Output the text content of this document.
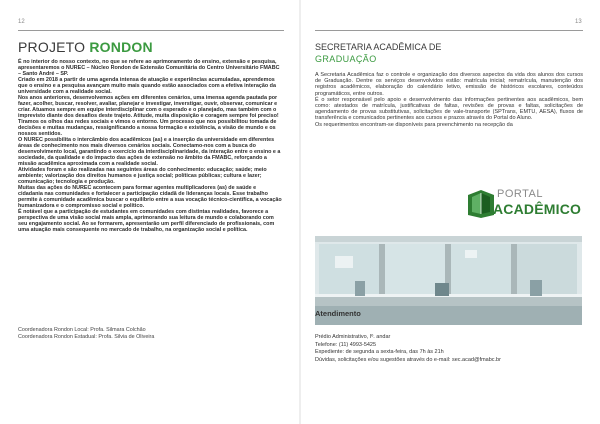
12
PROJETO RONDON

É no interior do nosso contexto, no que se refere ao aprimoramento do ensino, extensão e pesquisa, apresentaremos o NUREC – Núcleo Rondon de Extensão Comunitária do Centro Universitário FMABC – Santo André – SP.

Criado em 2018 a partir de uma agenda intensa de atuação e experiências acumuladas, aprendemos que o ensino e a pesquisa avançam muito mais quando estão associados com a efetiva interação da universidade com a realidade social.

Nos anos anteriores, desenvolvemos ações em diferentes cenários, uma imensa agenda pautada por fazer, acolher, buscar, resolver, avaliar, planejar e investigar, inverstigar, ouvir, observar, comunicar e criar. Atuamos sempre em equipe interdisciplinar com o esperado e o planejado, mas também com o imprevisto diante dos desafios deste trajeto. Atitude, muita disposição e coragem sempre foi preciso!

Tiramos os olhos das redes sociais e vimos o entorno. Um processo que nos possibilitou tomada de decisões e muitas mudanças, ressignificando a nossa formação e existência, a visão de mundo e os nossos sentidos.

O NUREC possibilita o intercâmbio dos acadêmicos (as) e a inserção da universidade em diferentes áreas de conhecimento nos mais diversos cenários sociais. Conectamo-nos com a busca do desenvolvimento local, garantindo o exercício da interdisciplinaridade, da interação entre o ensino e a sociedade, da qualidade e do impacto das ações de extensão no âmbito da FMABC, reforçando a missão acadêmica aproximada com a realidade social.

Atividades foram e são realizadas nas seguintes áreas do conhecimento: educação; saúde; meio ambiente; valorização dos direitos humanos e justiça social; políticas públicas; cultura e lazer; comunicação; tecnologia e produção.

Muitas das ações do NUREC acontecem para formar agentes multiplicadores (as) de saúde e cidadania nas comunidades e fortalecer a participação cidadã de lideranças locais. Esse trabalho permite à comunidade acadêmica buscar o equilíbrio entre a sua vocação técnico-científica, a vocação humanizadora e o compromisso social e político.

É notável que a participação de estudantes em comunidades com distintas realidades, favorece a perspectiva de uma visão social mais ampla, aprimorando sua leitura de mundo e colaborando com seu engajamento social. Ao se formarem, apresentarão um perfil diferenciado de profissionais, com uma atuação mais consequente no mercado de trabalho, na organização social e política.

Coordenadora Rondon Local: Profa. Silmara Colchão

Coordenadora Rondon Estadual: Profa. Silvia de Oliveira

13
SECRETARIA ACADÊMICA DE
GRADUAÇÃO

A Secretaria Acadêmica faz o controle e organização dos diversos aspectos da vida dos alunos dos cursos de Graduação. Dentre os serviços desenvolvidos estão: matrícula inicial; rematrícula, manutenção dos registros acadêmicos, elaboração do calendário letivo, emissão de históricos escolares, conteúdos programáticos, entre outros.

É o setor responsável pelo apoio e desenvolvimento das informações pertinentes aos acadêmicos, bem como: atestados de matrícula, justificativas de faltas, revisões de provas e faltas, solicitações de agendamento de provas substitutivas, solicitações de vale-transporte (SPTrans, EMTU, AESA), fluxos de transferência e comunicados pertinentes aos cursos e prazos através do Portal do Aluno.

Os requerimentos encontram-se disponíveis para preenchimento na recepção da

PORTAL
ACADÊMICO
Atendimento

Prédio Administrativo, Iº. andar

Telefone: (11) 4993-5425

Expediente: de segunda a sexta-feira, das 7h às 21h

Dúvidas, solicitações e/ou sugestões através do e-mail: sec.acad@fmabc.br
